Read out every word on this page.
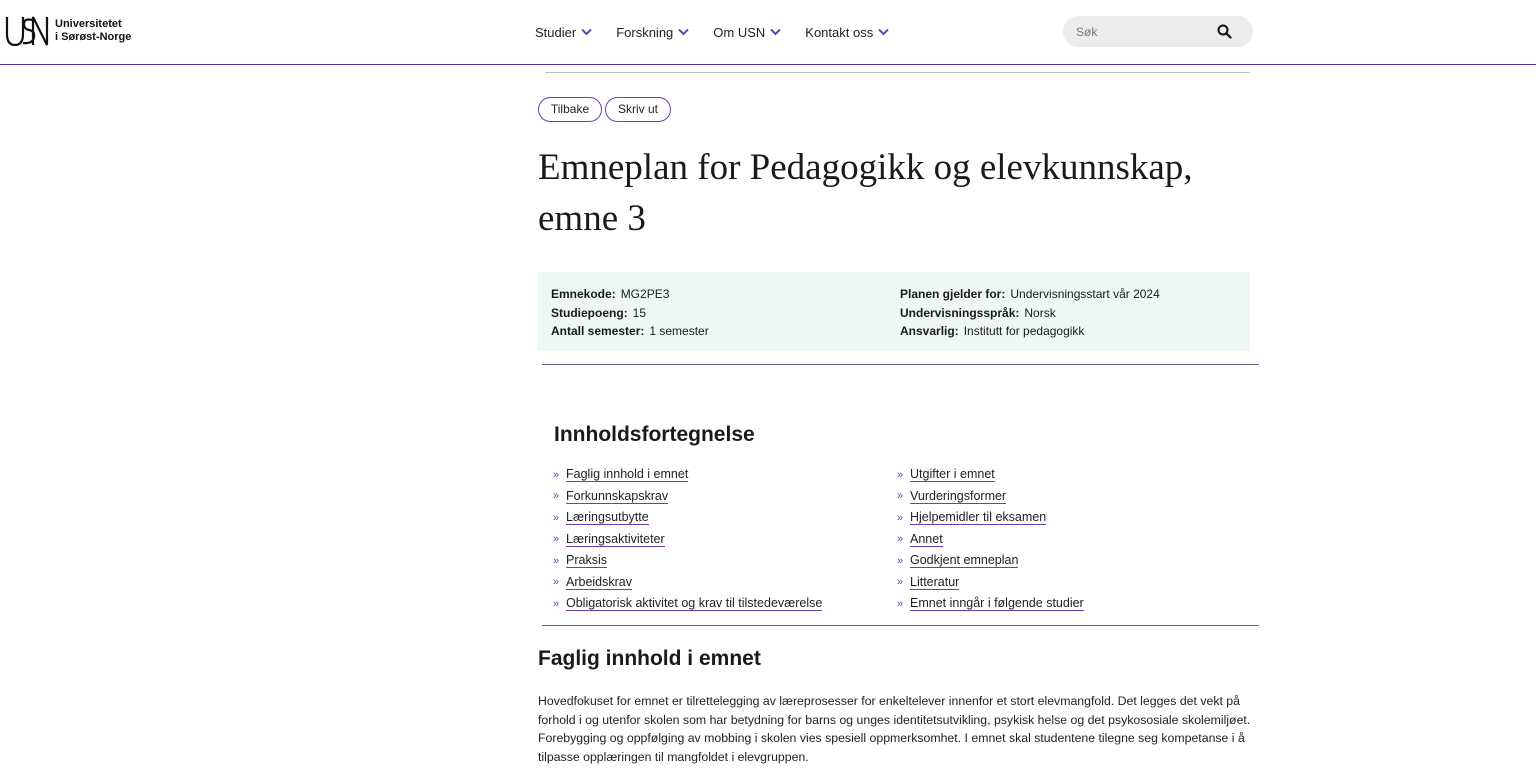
Universitetet
i Sørøst-Norge	Studier	Forskning	Om USN	Kontakt oss
Søk
Tilbake	Skriv ut
Emneplan for Pedagogikk og elevkunnskap, emne 3
Emnekode: MG2PE3
Studiepoeng: 15
Antall semester: 1 semester
Planen gjelder for: Undervisningsstart vår 2024
Undervisningsspråk: Norsk
Ansvarlig: Institutt for pedagogikk
Innholdsfortegnelse
» Faglig innhold i emnet
» Forkunnskapskrav
» Læringsutbytte
» Læringsaktiviteter
» Praksis
» Arbeidskrav
» Obligatorisk aktivitet og krav til tilstedeværelse
» Utgifter i emnet
» Vurderingsformer
» Hjelpemidler til eksamen
» Annet
» Godkjent emneplan
» Litteratur
» Emnet inngår i følgende studier
Faglig innhold i emnet

Hovedfokuset for emnet er tilrettelegging av læreprosesser for enkeltelever innenfor et stort elevmangfold. Det legges det vekt på forhold i og utenfor skolen som har betydning for barns og unges identitetsutvikling, psykisk helse og det psykososiale skolemiljøet. Forebygging og oppfølging av mobbing i skolen vies spesiell oppmerksomhet. I emnet skal studentene tilegne seg kompetanse i å tilpasse opplæringen til mangfoldet i elevgruppen.
